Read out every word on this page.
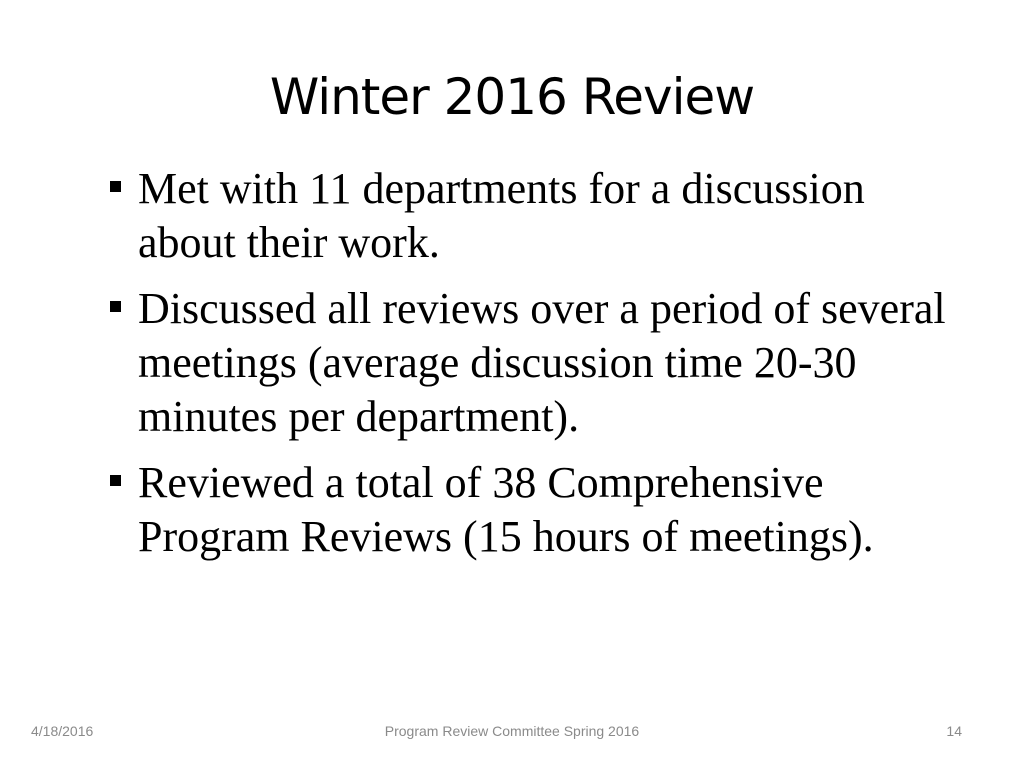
Winter 2016 Review
Met with 11 departments for a discussion about their work.
Discussed all reviews over a period of several meetings (average discussion time 20-30 minutes per department).
Reviewed a total of 38 Comprehensive Program Reviews (15 hours of meetings).
4/18/2016	Program Review Committee Spring 2016	14
